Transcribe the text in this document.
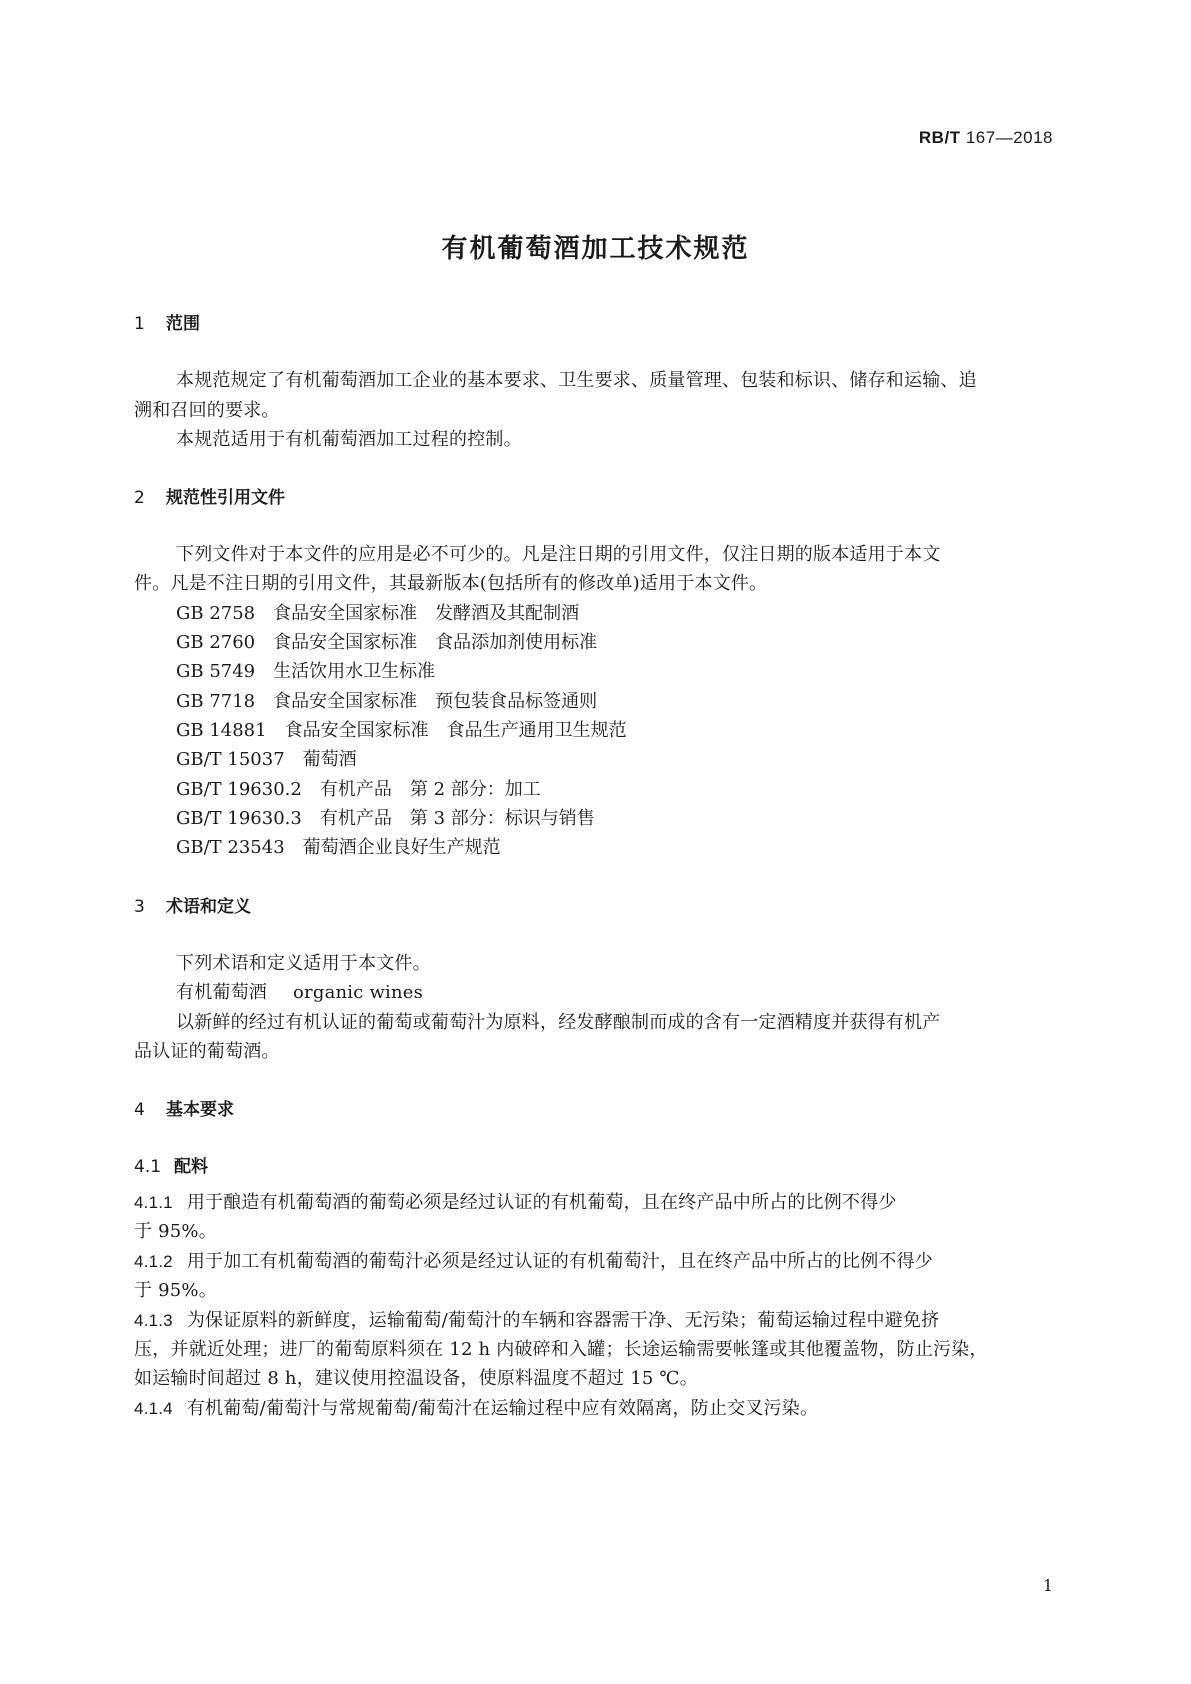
RB/T 167—2018
有机葡萄酒加工技术规范
1 范围
本规范规定了有机葡萄酒加工企业的基本要求、卫生要求、质量管理、包装和标识、储存和运输、追
溯和召回的要求。
本规范适用于有机葡萄酒加工过程的控制。
2 规范性引用文件
下列文件对于本文件的应用是必不可少的。凡是注日期的引用文件，仅注日期的版本适用于本文
件。凡是不注日期的引用文件，其最新版本(包括所有的修改单)适用于本文件。
GB 2758 食品安全国家标准　发酵酒及其配制酒
GB 2760 食品安全国家标准　食品添加剂使用标准
GB 5749 生活饮用水卫生标准
GB 7718 食品安全国家标准　预包装食品标签通则
GB 14881 食品安全国家标准　食品生产通用卫生规范
GB/T 15037 葡萄酒
GB/T 19630.2 有机产品　第 2 部分：加工
GB/T 19630.3 有机产品　第 3 部分：标识与销售
GB/T 23543 葡萄酒企业良好生产规范
3 术语和定义
下列术语和定义适用于本文件。
有机葡萄酒 organic wines
以新鲜的经过有机认证的葡萄或葡萄汁为原料，经发酵酿制而成的含有一定酒精度并获得有机产
品认证的葡萄酒。
4 基本要求
4.1 配料
4.1.1 用于酿造有机葡萄酒的葡萄必须是经过认证的有机葡萄，且在终产品中所占的比例不得少
于 95%。
4.1.2 用于加工有机葡萄酒的葡萄汁必须是经过认证的有机葡萄汁，且在终产品中所占的比例不得少
于 95%。
4.1.3 为保证原料的新鲜度，运输葡萄/葡萄汁的车辆和容器需干净、无污染；葡萄运输过程中避免挤
压，并就近处理；进厂的葡萄原料须在 12 h 内破碎和入罐；长途运输需要帐篷或其他覆盖物，防止污染，
如运输时间超过 8 h，建议使用控温设备，使原料温度不超过 15 ℃。
4.1.4 有机葡萄/葡萄汁与常规葡萄/葡萄汁在运输过程中应有效隔离，防止交叉污染。
1
